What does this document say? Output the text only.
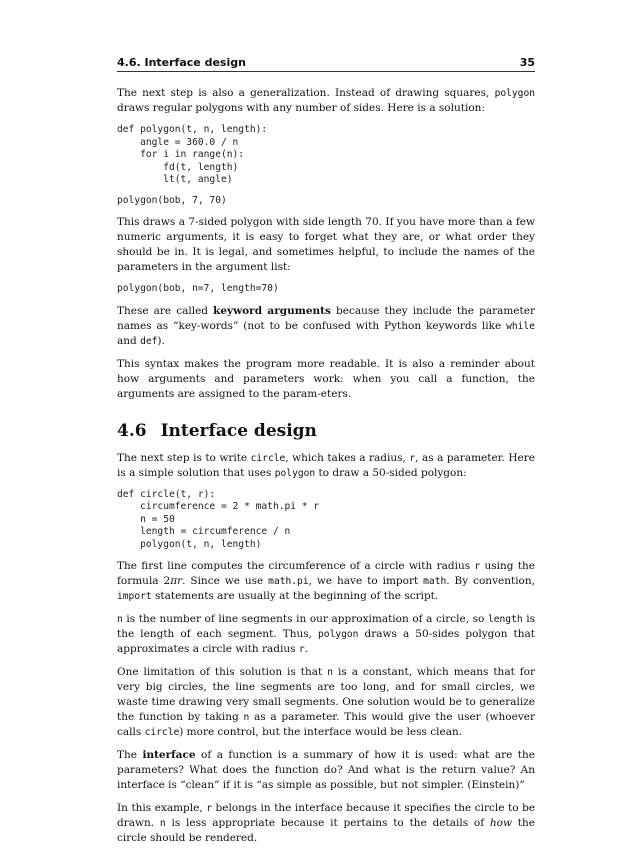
4.6. Interface design	35

The next step is also a generalization. Instead of drawing squares, polygon draws regular polygons with any number of sides. Here is a solution:

def polygon(t, n, length):
angle = 360.0 / n
for i in range(n):
fd(t, length)
lt(t, angle)
polygon(bob, 7, 70)

This draws a 7-sided polygon with side length 70. If you have more than a few numeric arguments, it is easy to forget what they are, or what order they should be in. It is legal, and sometimes helpful, to include the names of the parameters in the argument list:

polygon(bob, n=7, length=70)

These are called keyword arguments because they include the parameter names as “key-words” (not to be confused with Python keywords like while and def).

This syntax makes the program more readable. It is also a reminder about how arguments and parameters work: when you call a function, the arguments are assigned to the param-eters.

4.6 Interface design

The next step is to write circle, which takes a radius, r, as a parameter. Here is a simple solution that uses polygon to draw a 50-sided polygon:

def circle(t, r):
circumference = 2 * math.pi * r
n = 50
length = circumference / n
polygon(t, n, length)

The first line computes the circumference of a circle with radius r using the formula 2πr. Since we use math.pi, we have to import math. By convention, import statements are usually at the beginning of the script.

n is the number of line segments in our approximation of a circle, so length is the length of each segment. Thus, polygon draws a 50-sides polygon that approximates a circle with radius r.

One limitation of this solution is that n is a constant, which means that for very big circles, the line segments are too long, and for small circles, we waste time drawing very small segments. One solution would be to generalize the function by taking n as a parameter. This would give the user (whoever calls circle) more control, but the interface would be less clean.

The interface of a function is a summary of how it is used: what are the parameters? What does the function do? And what is the return value? An interface is “clean” if it is “as simple as possible, but not simpler. (Einstein)”

In this example, r belongs in the interface because it specifies the circle to be drawn. n is less appropriate because it pertains to the details of how the circle should be rendered.
